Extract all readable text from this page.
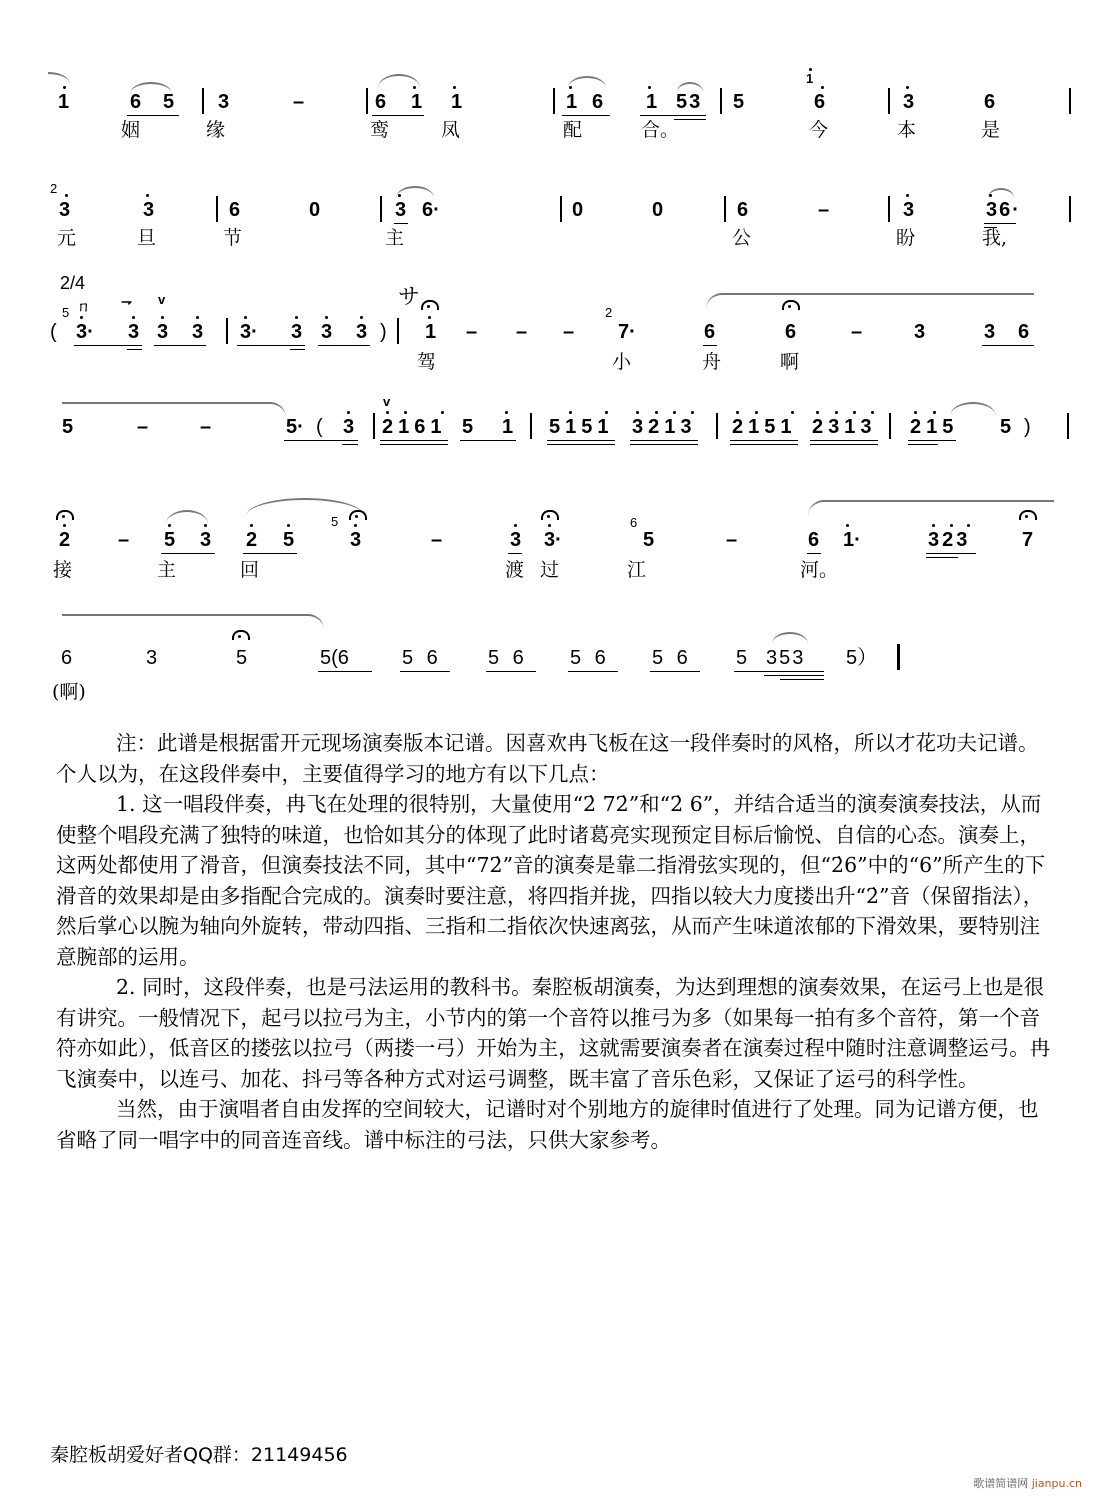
1	6 5
姻
3
缘
–	6 1
鸾
1
凤
1 6
配
1 53
合。
5
1
6
今
3
本
6
是
2
3
元
3
旦
6
节
0	3 6·
主
0	0	6
公
–	3
盼
36·
我,
2/4
(
5 ㄇ
3·
⇁
3
v
3 3 3· 3 3 3 )
サ
1
驾
– – –
2
7·
小
6
舟
6
啊
–	3	3 6
5	–	–	5· ( 3
v
2161 5 1 5151 3213 2151 2313 215 5 )
2
接
– 5 3
主
2 5
回
5
3	–	3
渡
3·
过
6
5
江
–	6
河。
1·	323	7
6	3	5	5(6	5 6	5 6 5 6 5 6 5 353 5）
(啊)

注：此谱是根据雷开元现场演奏版本记谱。因喜欢冉飞板在这一段伴奏时的风格，所以才花功夫记谱。个人以为，在这段伴奏中，主要值得学习的地方有以下几点：

1. 这一唱段伴奏，冉飞在处理的很特别，大量使用“2̇ 72̇”和“2̇ 6”，并结合适当的演奏演奏技法，从而使整个唱段充满了独特的味道，也恰如其分的体现了此时诸葛亮实现预定目标后愉悦、自信的心态。演奏上，这两处都使用了滑音，但演奏技法不同，其中“72̇”音的演奏是靠二指滑弦实现的，但“2̇6”中的“6”所产生的下滑音的效果却是由多指配合完成的。演奏时要注意，将四指并拢，四指以较大力度搂出升“2̇”音（保留指法），然后掌心以腕为轴向外旋转，带动四指、三指和二指依次快速离弦，从而产生味道浓郁的下滑效果，要特别注意腕部的运用。

2. 同时，这段伴奏，也是弓法运用的教科书。秦腔板胡演奏，为达到理想的演奏效果，在运弓上也是很有讲究。一般情况下，起弓以拉弓为主，小节内的第一个音符以推弓为多（如果每一拍有多个音符，第一个音符亦如此），低音区的搂弦以拉弓（两搂一弓）开始为主，这就需要演奏者在演奏过程中随时注意调整运弓。冉飞演奏中，以连弓、加花、抖弓等各种方式对运弓调整，既丰富了音乐色彩，又保证了运弓的科学性。

当然，由于演唱者自由发挥的空间较大，记谱时对个别地方的旋律时值进行了处理。同为记谱方便，也省略了同一唱字中的同音连音线。谱中标注的弓法，只供大家参考。

秦腔板胡爱好者QQ群：21149456
歌谱简谱网 jianpu.cn
